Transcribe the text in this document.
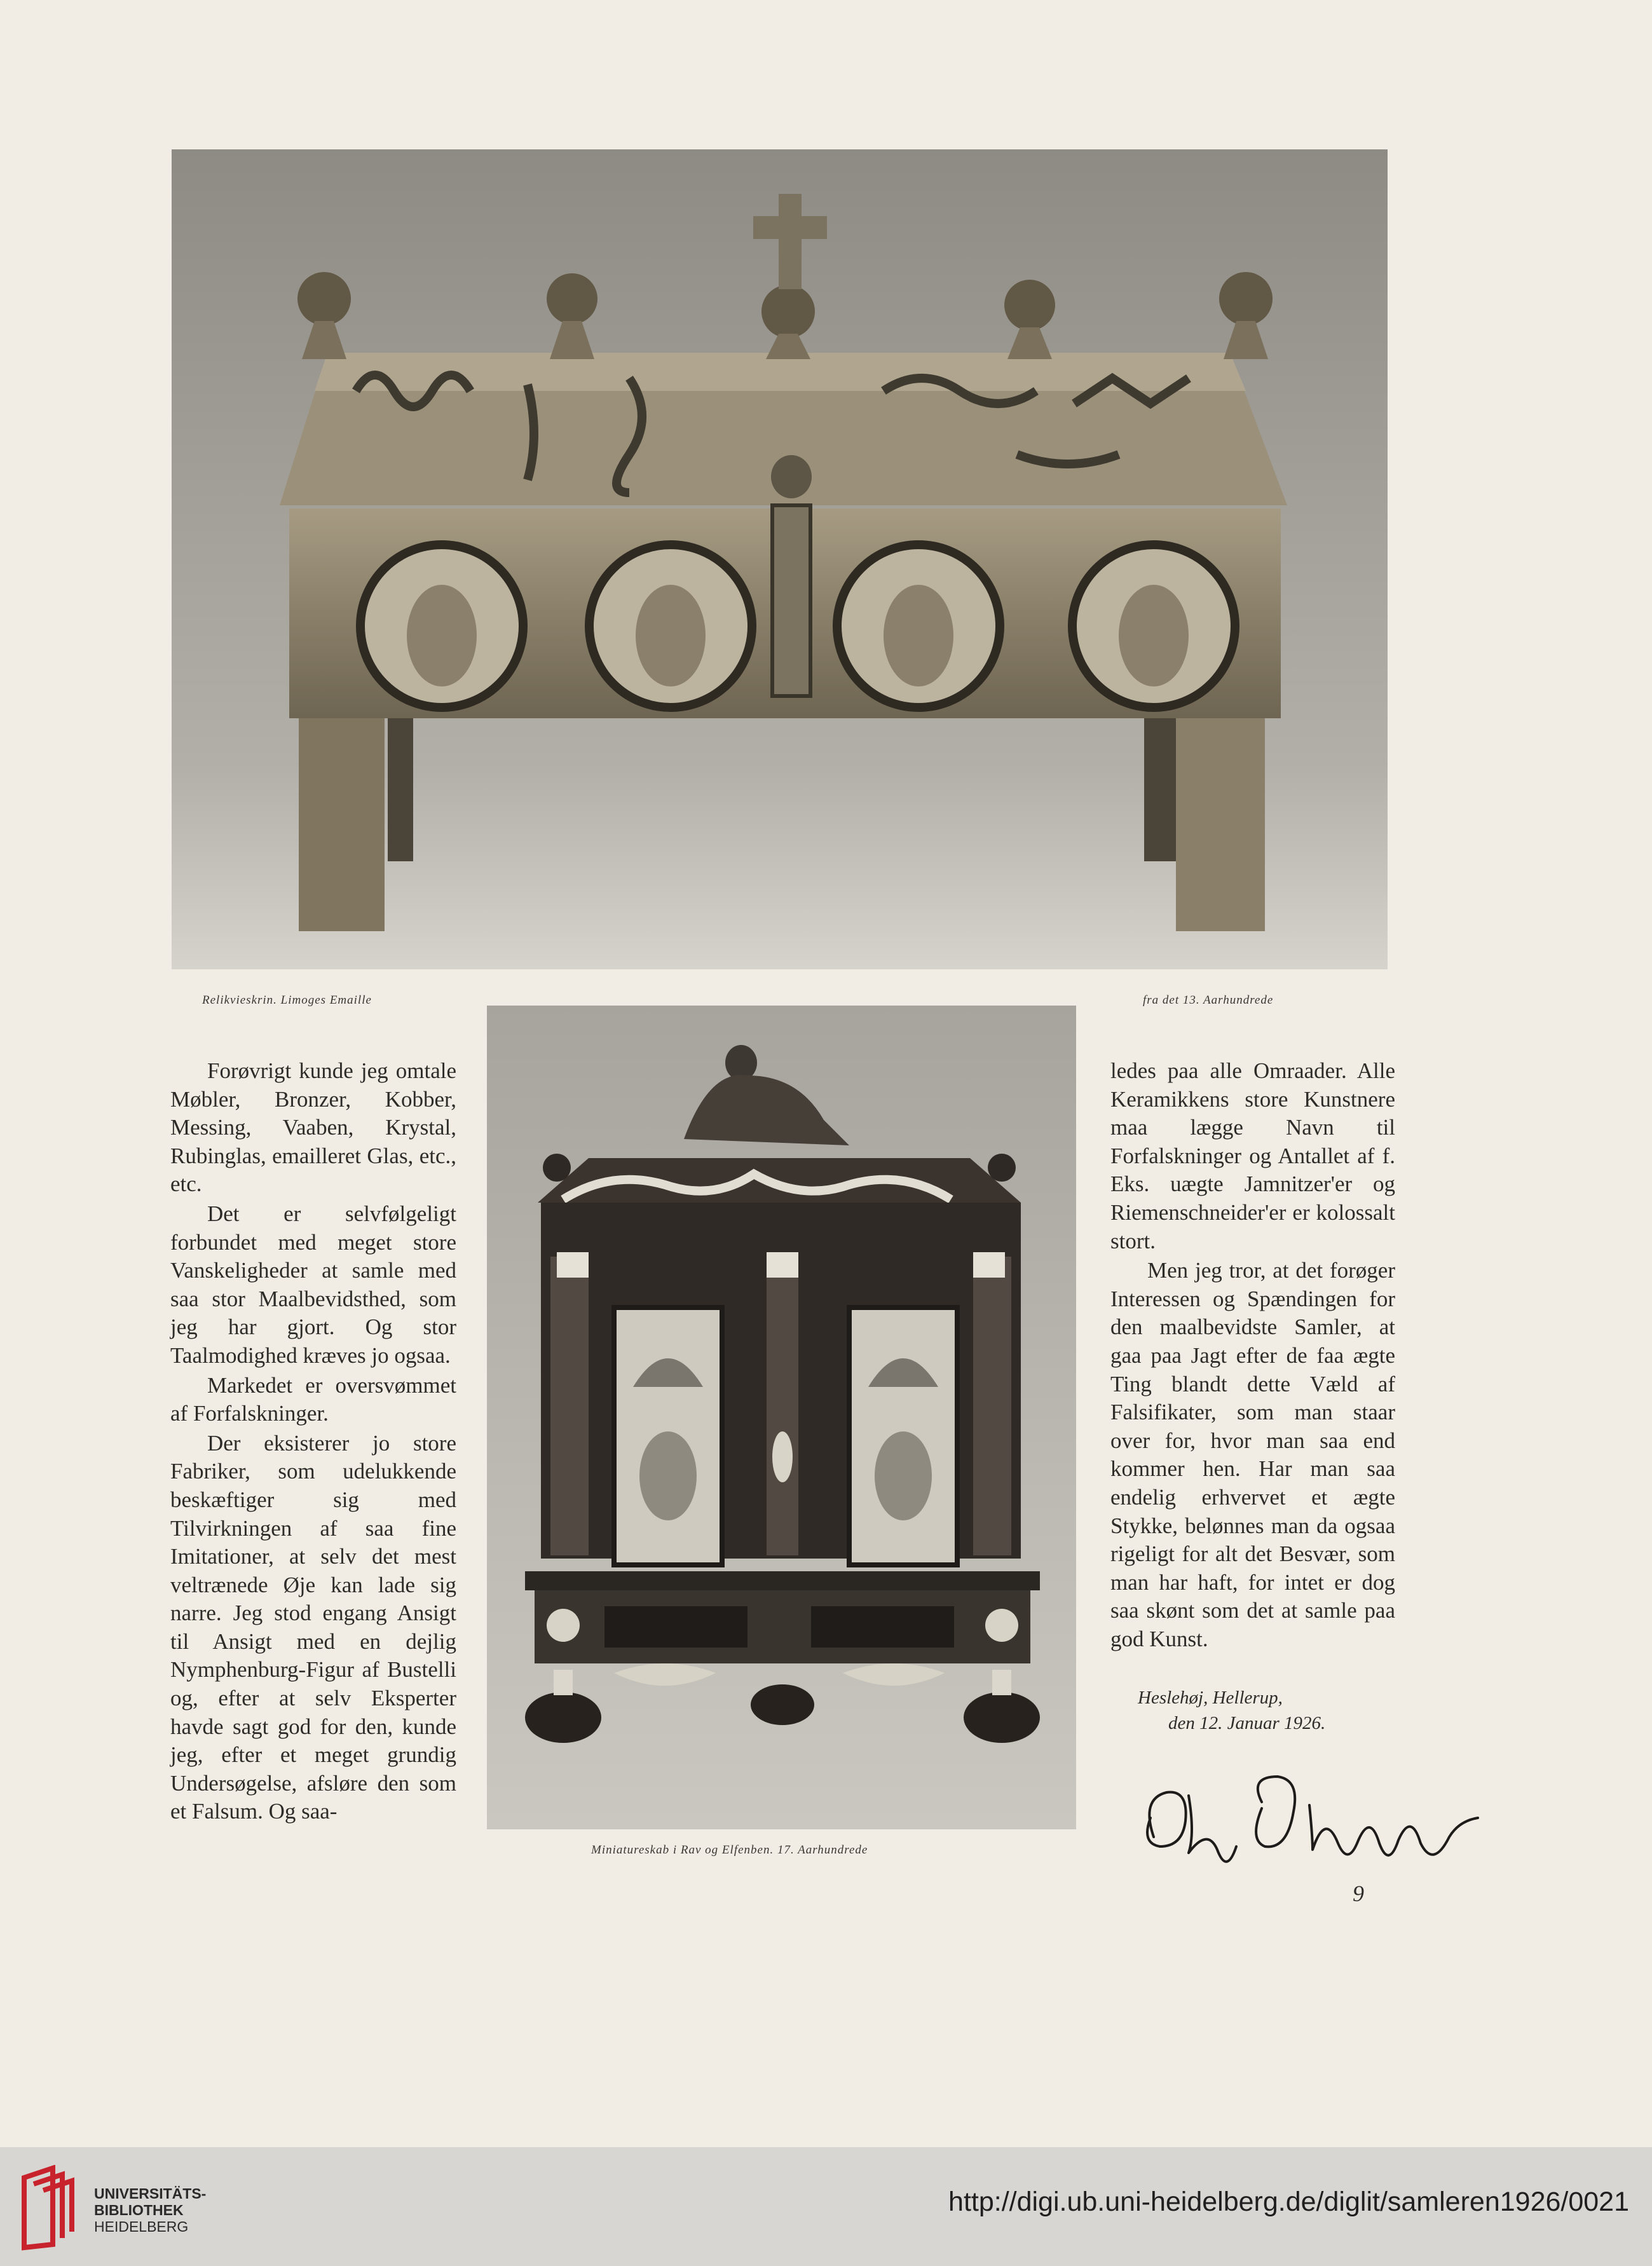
Relikvieskrin. Limoges Emaille	fra det 13. Aarhundrede
Miniatureskab i Rav og Elfenben. 17. Aarhundrede

Forøvrigt kunde jeg omtale Møbler, Bronzer, Kobber, Messing, Vaaben, Krystal, Rubinglas, emailleret Glas, etc., etc.

Det er selvfølgeligt forbundet med meget store Vanskeligheder at samle med saa stor Maalbevidsthed, som jeg har gjort. Og stor Taalmodighed kræves jo ogsaa.

Markedet er oversvømmet af Forfalskninger.

Der eksisterer jo store Fabriker, som udelukkende beskæftiger sig med Tilvirkningen af saa fine Imitationer, at selv det mest veltrænede Øje kan lade sig narre. Jeg stod engang Ansigt til Ansigt med en dejlig Nymphenburg-Figur af Bustelli og, efter at selv Eksperter havde sagt god for den, kunde jeg, efter et meget grundig Undersøgelse, afsløre den som et Falsum. Og saa-

ledes paa alle Omraader. Alle Keramikkens store Kunstnere maa lægge Navn til Forfalskninger og Antallet af f. Eks. uægte Jamnitzer'er og Riemenschneider'er er kolossalt stort.

Men jeg tror, at det forøger Interessen og Spændingen for den maalbevidste Samler, at gaa paa Jagt efter de faa ægte Ting blandt dette Væld af Falsifikater, som man staar over for, hvor man saa end kommer hen. Har man saa endelig erhvervet et ægte Stykke, belønnes man da ogsaa rigeligt for alt det Besvær, som man har haft, for intet er dog saa skønt som det at samle paa god Kunst.

Heslehøj, Hellerup,
den 12. Januar 1926.
9
UNIVERSITÄTS-
BIBLIOTHEK
HEIDELBERG
http://digi.ub.uni-heidelberg.de/diglit/samleren1926/0021
